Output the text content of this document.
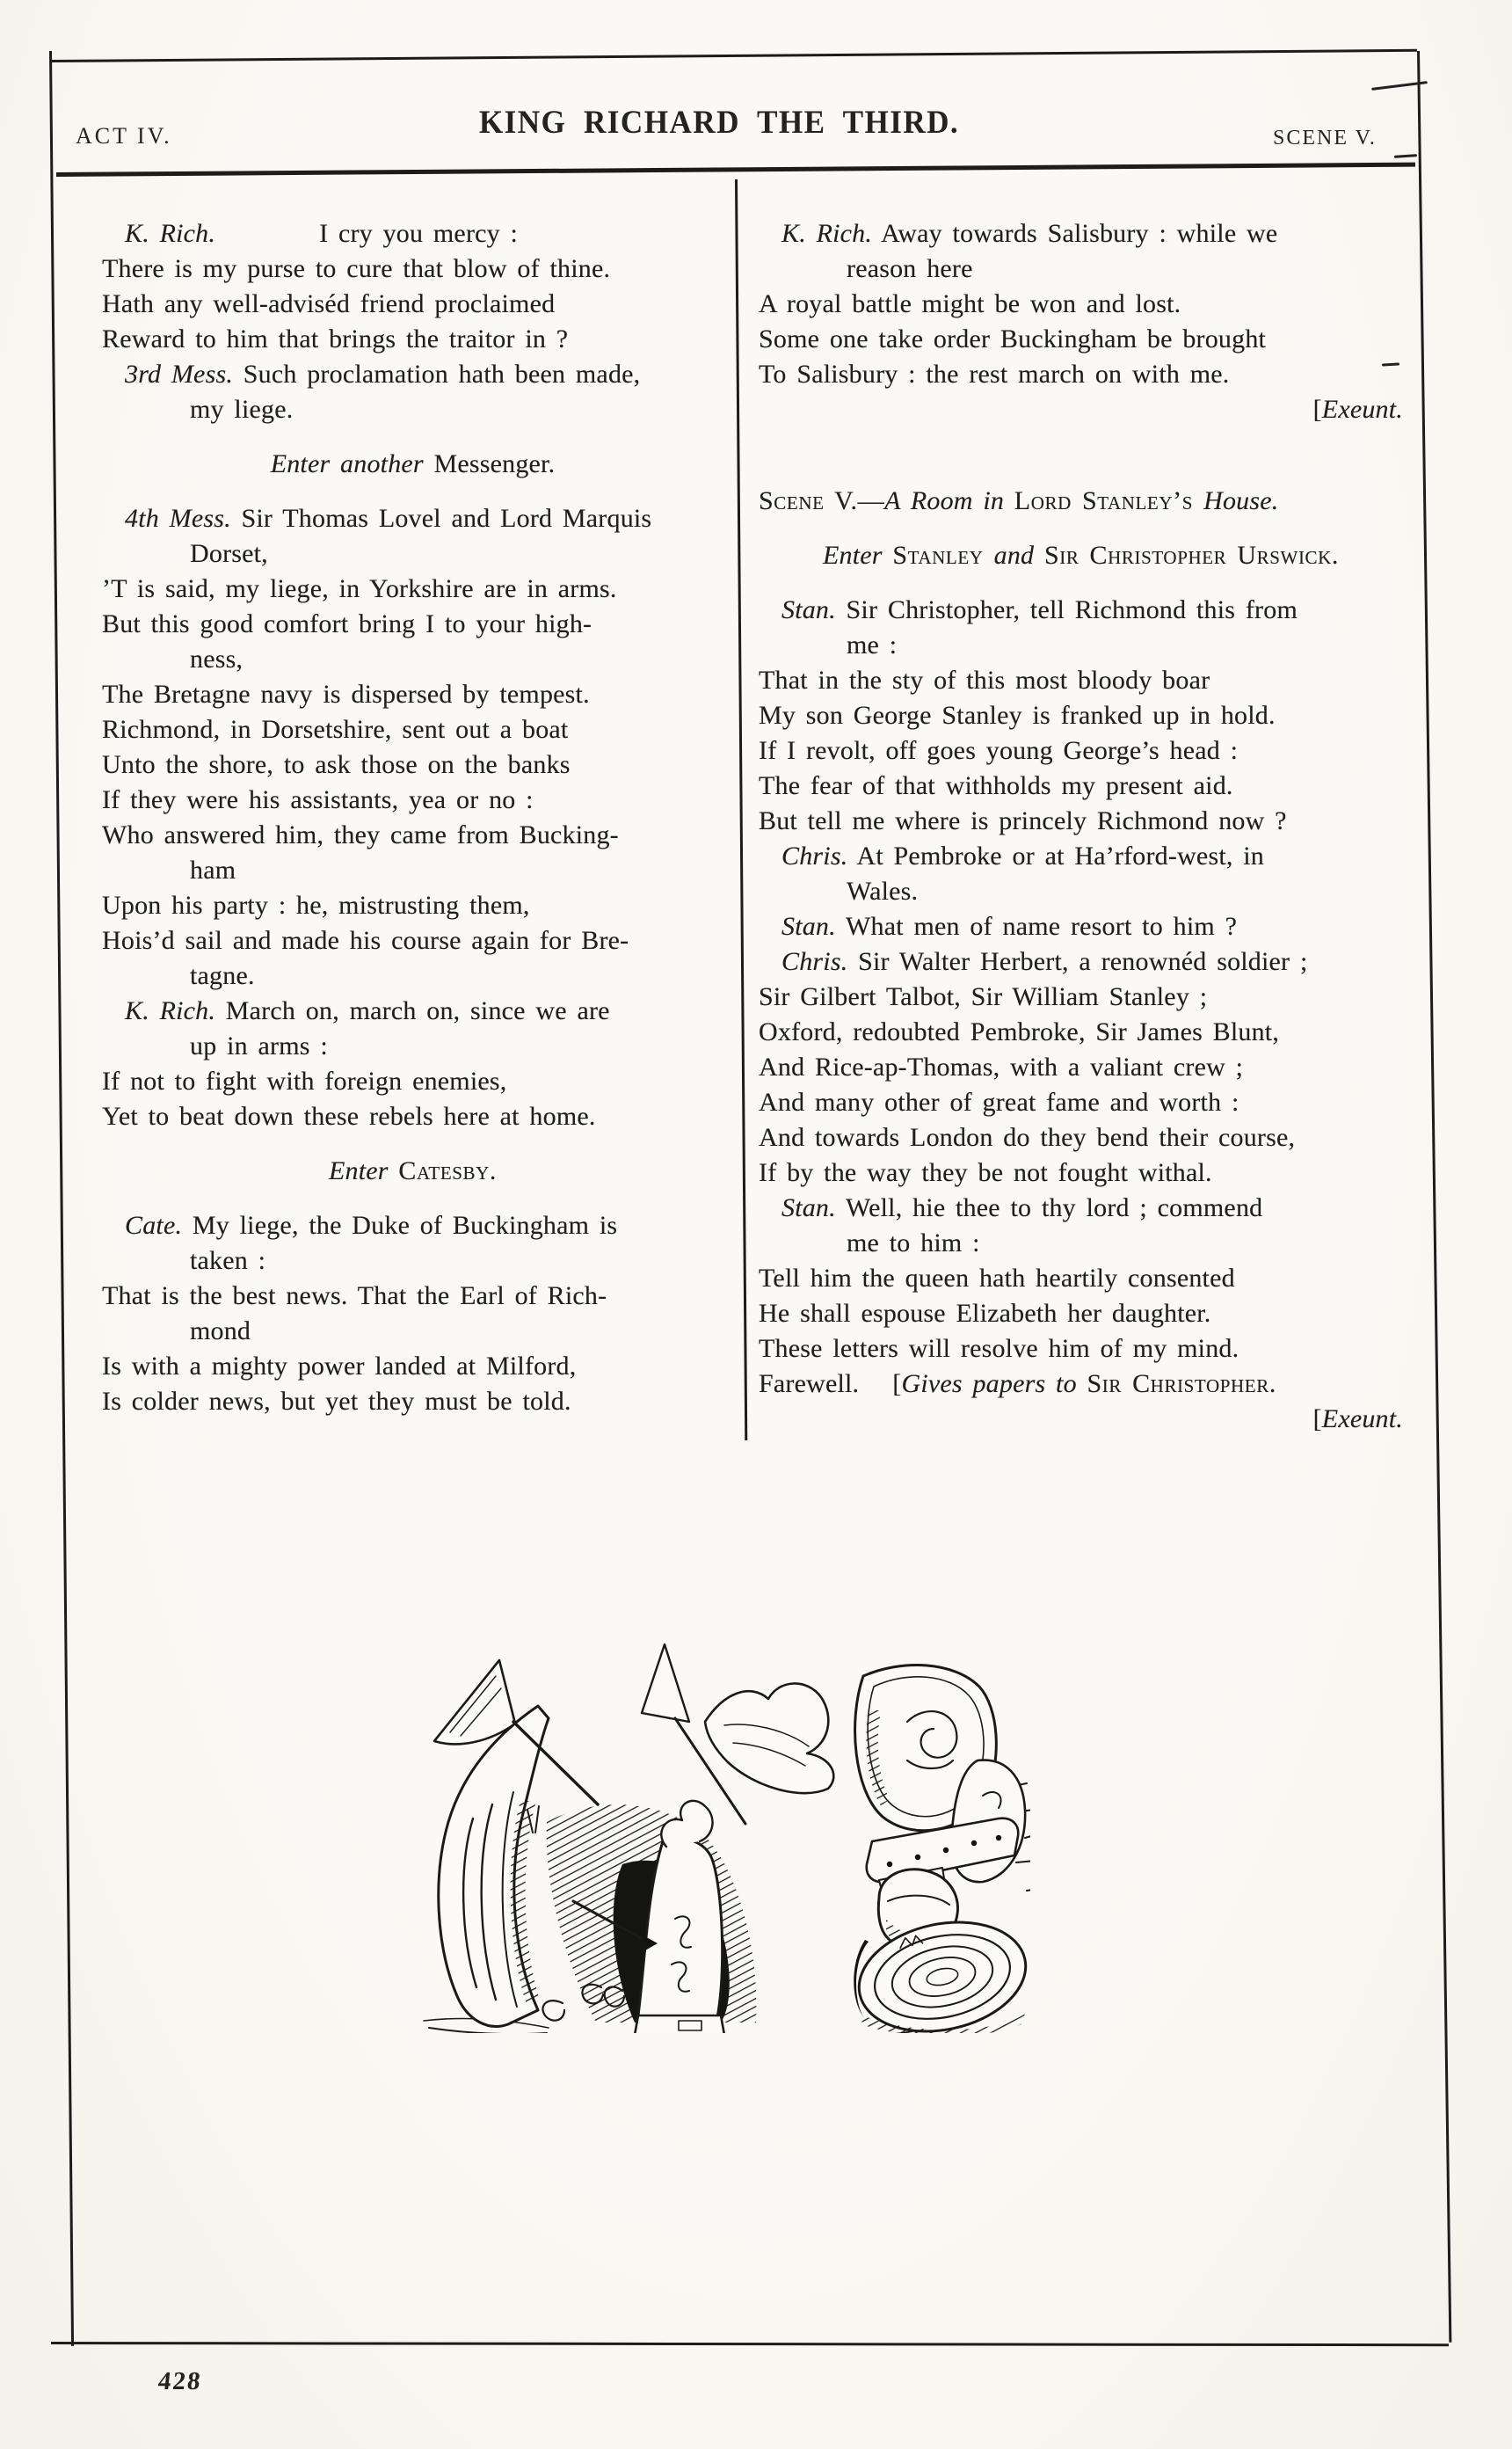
ACT IV.	KING RICHARD THE THIRD.	SCENE V.
K. Rich.	I cry you mercy :
There is my purse to cure that blow of thine.
Hath any well-adviséd friend proclaimed
Reward to him that brings the traitor in ?
3rd Mess. Such proclamation hath been made,
my liege.
Enter another Messenger.
4th Mess. Sir Thomas Lovel and Lord Marquis
Dorset,
’T is said, my liege, in Yorkshire are in arms.
But this good comfort bring I to your high-
ness,
The Bretagne navy is dispersed by tempest.
Richmond, in Dorsetshire, sent out a boat
Unto the shore, to ask those on the banks
If they were his assistants, yea or no :
Who answered him, they came from Bucking-
ham
Upon his party : he, mistrusting them,
Hois’d sail and made his course again for Bre-
tagne.
K. Rich. March on, march on, since we are
up in arms :
If not to fight with foreign enemies,
Yet to beat down these rebels here at home.
Enter Catesby.
Cate. My liege, the Duke of Buckingham is
taken :
That is the best news. That the Earl of Rich-
mond
Is with a mighty power landed at Milford,
Is colder news, but yet they must be told.
K. Rich. Away towards Salisbury : while we
reason here
A royal battle might be won and lost.
Some one take order Buckingham be brought
To Salisbury : the rest march on with me.
[Exeunt.
Scene V.—A Room in Lord Stanley’s House.
Enter Stanley and Sir Christopher Urswick.
Stan. Sir Christopher, tell Richmond this from
me :
That in the sty of this most bloody boar
My son George Stanley is franked up in hold.
If I revolt, off goes young George’s head :
The fear of that withholds my present aid.
But tell me where is princely Richmond now ?
Chris. At Pembroke or at Ha’rford-west, in
Wales.
Stan. What men of name resort to him ?
Chris. Sir Walter Herbert, a renownéd soldier ;
Sir Gilbert Talbot, Sir William Stanley ;
Oxford, redoubted Pembroke, Sir James Blunt,
And Rice-ap-Thomas, with a valiant crew ;
And many other of great fame and worth :
And towards London do they bend their course,
If by the way they be not fought withal.
Stan. Well, hie thee to thy lord ; commend
me to him :
Tell him the queen hath heartily consented
He shall espouse Elizabeth her daughter.
These letters will resolve him of my mind.
Farewell. [Gives papers to Sir Christopher.
[Exeunt.
428
